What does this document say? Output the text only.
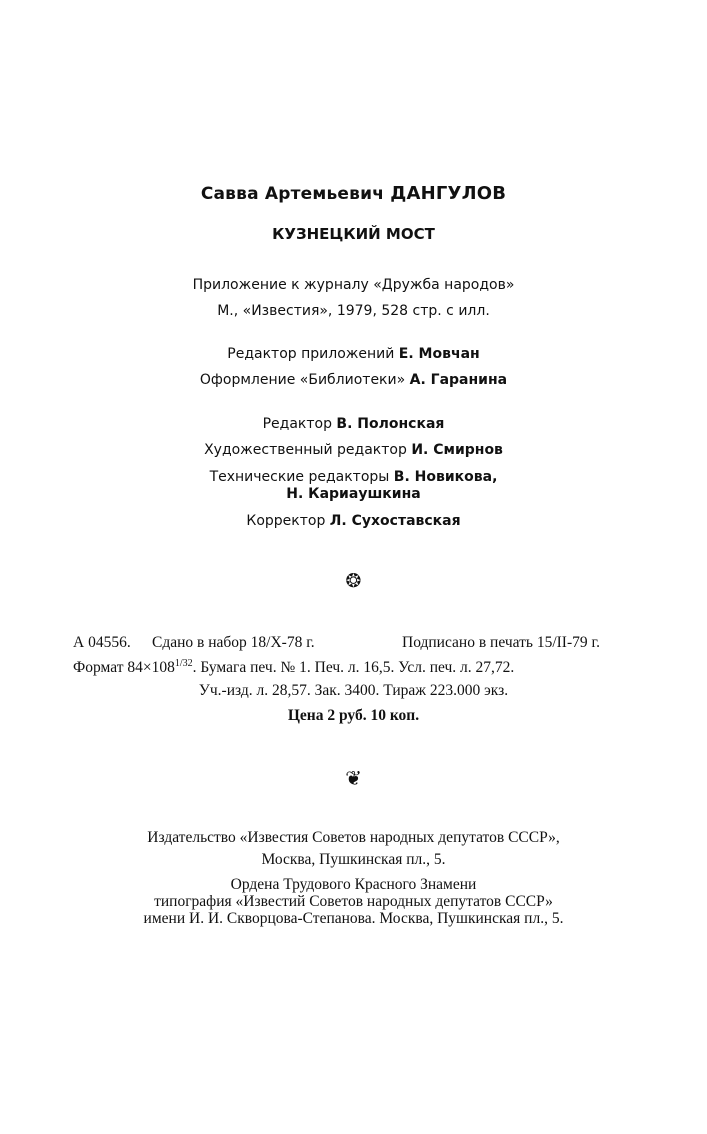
Савва Артемьевич ДАНГУЛОВ
КУЗНЕЦКИЙ МОСТ
Приложение к журналу «Дружба народов»
М., «Известия», 1979, 528 стр. с илл.
Редактор приложений Е. Мовчан
Оформление «Библиотеки» А. Гаранина
Редактор В. Полонская
Художественный редактор И. Смирнов
Технические редакторы В. Новикова,
Н. Кариаушкина
Корректор Л. Сухоставская
❂
А 04556. Сдано в набор 18/X-78 г.	Подписано в печать 15/II-79 г.
Формат $84\times 108^{1/32}$. Бумага печ. № 1. Печ. л. 16,5. Усл. печ. л. 27,72.
Уч.-изд. л. 28,57. Зак. 3400. Тираж 223.000 экз.
Цена 2 руб. 10 коп.
❦
Издательство «Известия Советов народных депутатов СССР»,
Москва, Пушкинская пл., 5.
Ордена Трудового Красного Знамени
типография «Известий Советов народных депутатов СССР»
имени И. И. Скворцова-Степанова. Москва, Пушкинская пл., 5.
